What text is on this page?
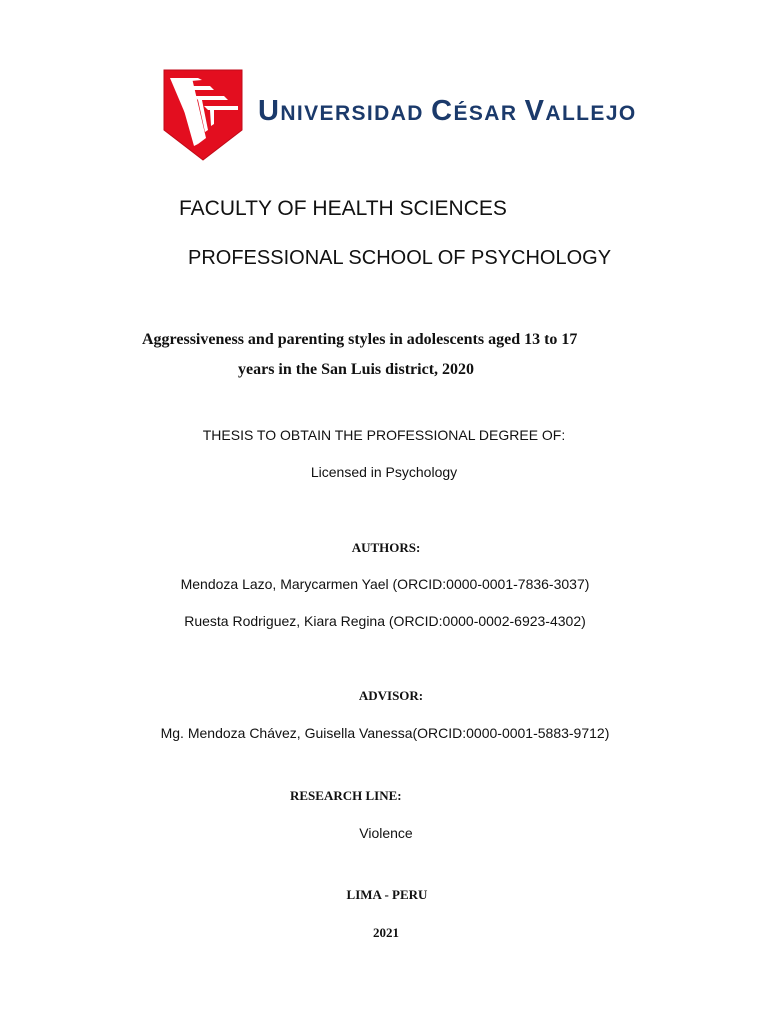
UNIVERSIDAD CÉSAR VALLEJO
FACULTY OF HEALTH SCIENCES
PROFESSIONAL SCHOOL OF PSYCHOLOGY
Aggressiveness and parenting styles in adolescents aged 13 to 17
years in the San Luis district, 2020
THESIS TO OBTAIN THE PROFESSIONAL DEGREE OF:
Licensed in Psychology
AUTHORS:
Mendoza Lazo, Marycarmen Yael (ORCID:0000-0001-7836-3037)
Ruesta Rodriguez, Kiara Regina (ORCID:0000-0002-6923-4302)
ADVISOR:
Mg. Mendoza Chávez, Guisella Vanessa(ORCID:0000-0001-5883-9712)
RESEARCH LINE:
Violence
LIMA - PERU
2021
